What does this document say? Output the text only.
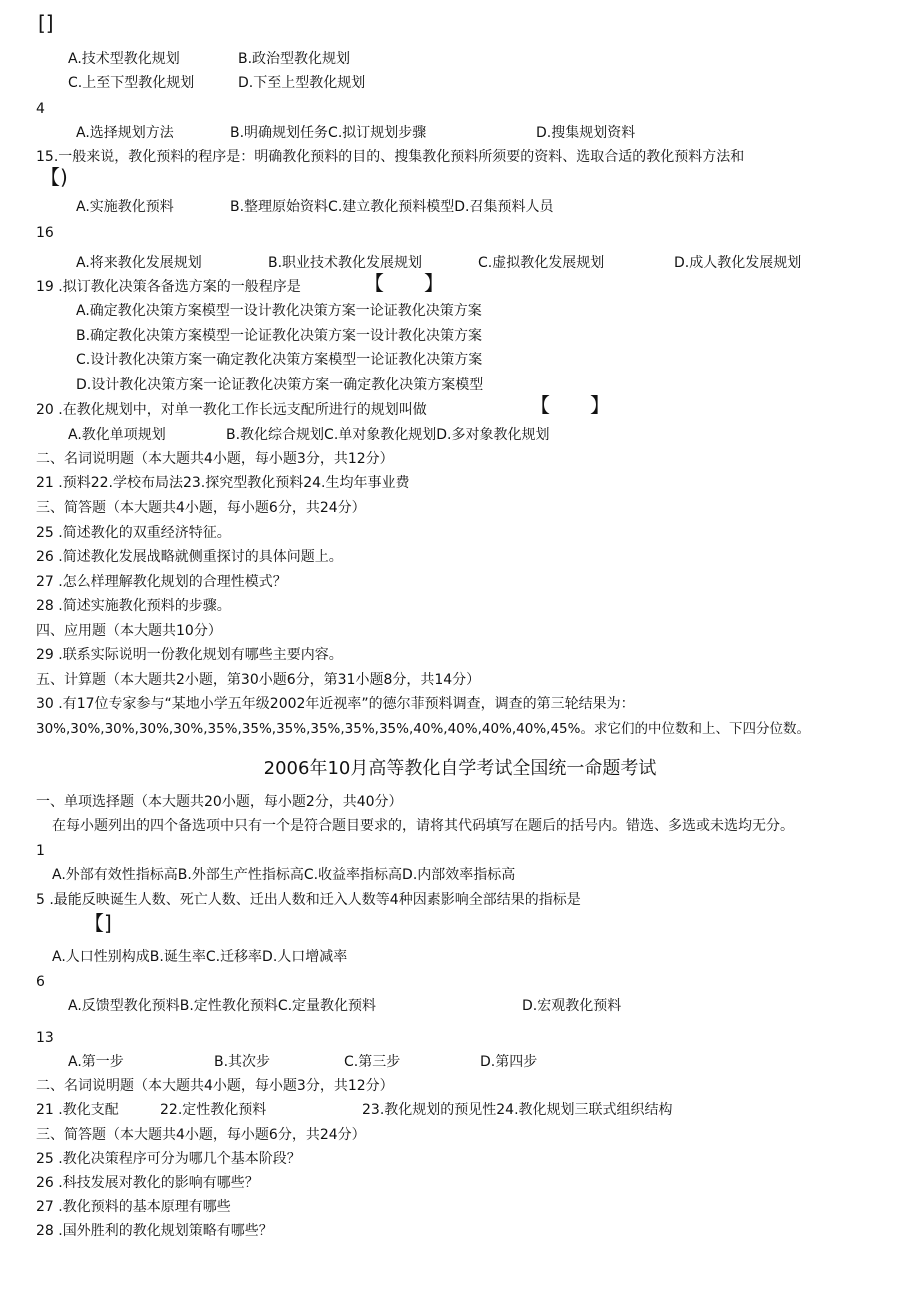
[]
A.技术型教化规划	B.政治型教化规划
C.上至下型教化规划	D.下至上型教化规划
4
A.选择规划方法	B.明确规划任务C.拟订规划步骤	D.搜集规划资料
15.一般来说，教化预料的程序是：明确教化预料的目的、搜集教化预料所须要的资料、选取合适的教化预料方法和
【)
A.实施教化预料	B.整理原始资料C.建立教化预料模型D.召集预料人员
16
A.将来教化发展规划	B.职业技术教化发展规划	C.虚拟教化发展规划	D.成人教化发展规划
19 .拟订教化决策各备选方案的一般程序是	【】
A.确定教化决策方案模型一设计教化决策方案一论证教化决策方案
B.确定教化决策方案模型一论证教化决策方案一设计教化决策方案
C.设计教化决策方案一确定教化决策方案模型一论证教化决策方案
D.设计教化决策方案一论证教化决策方案一确定教化决策方案模型
20 .在教化规划中，对单一教化工作长远支配所进行的规划叫做	【】
A.教化单项规划	B.教化综合规划C.单对象教化规划D.多对象教化规划
二、名词说明题（本大题共4小题，每小题3分，共12分）
21 .预料22.学校布局法23.探究型教化预料24.生均年事业费
三、简答题（本大题共4小题，每小题6分，共24分）
25 .简述教化的双重经济特征。
26 .简述教化发展战略就侧重探讨的具体问题上。
27 .怎么样理解教化规划的合理性模式？
28 .简述实施教化预料的步骤。
四、应用题（本大题共10分）
29 .联系实际说明一份教化规划有哪些主要内容。
五、计算题（本大题共2小题，第30小题6分，第31小题8分，共14分）
30 .有17位专家参与“某地小学五年级2002年近视率”的德尔菲预料调查，调查的第三轮结果为：
30%,30%,30%,30%,30%,35%,35%,35%,35%,35%,35%,40%,40%,40%,40%,45%。求它们的中位数和上、下四分位数。
2006年10月高等教化自学考试全国统一命题考试
一、单项选择题（本大题共20小题，每小题2分，共40分）
在每小题列出的四个备选项中只有一个是符合题目要求的，请将其代码填写在题后的括号内。错选、多选或未选均无分。
1
A.外部有效性指标高B.外部生产性指标高C.收益率指标高D.内部效率指标高
5 .最能反映诞生人数、死亡人数、迁出人数和迁入人数等4种因素影响全部结果的指标是
【]
A.人口性别构成B.诞生率C.迁移率D.人口增减率
6
A.反馈型教化预料B.定性教化预料C.定量教化预料	D.宏观教化预料
13
A.第一步	B.其次步	C.第三步	D.第四步
二、名词说明题（本大题共4小题，每小题3分，共12分）
21 .教化支配	22.定性教化预料	23.教化规划的预见性24.教化规划三联式组织结构
三、简答题（本大题共4小题，每小题6分，共24分）
25 .教化决策程序可分为哪几个基本阶段？
26 .科技发展对教化的影响有哪些？
27 .教化预料的基本原理有哪些
28 .国外胜利的教化规划策略有哪些？
